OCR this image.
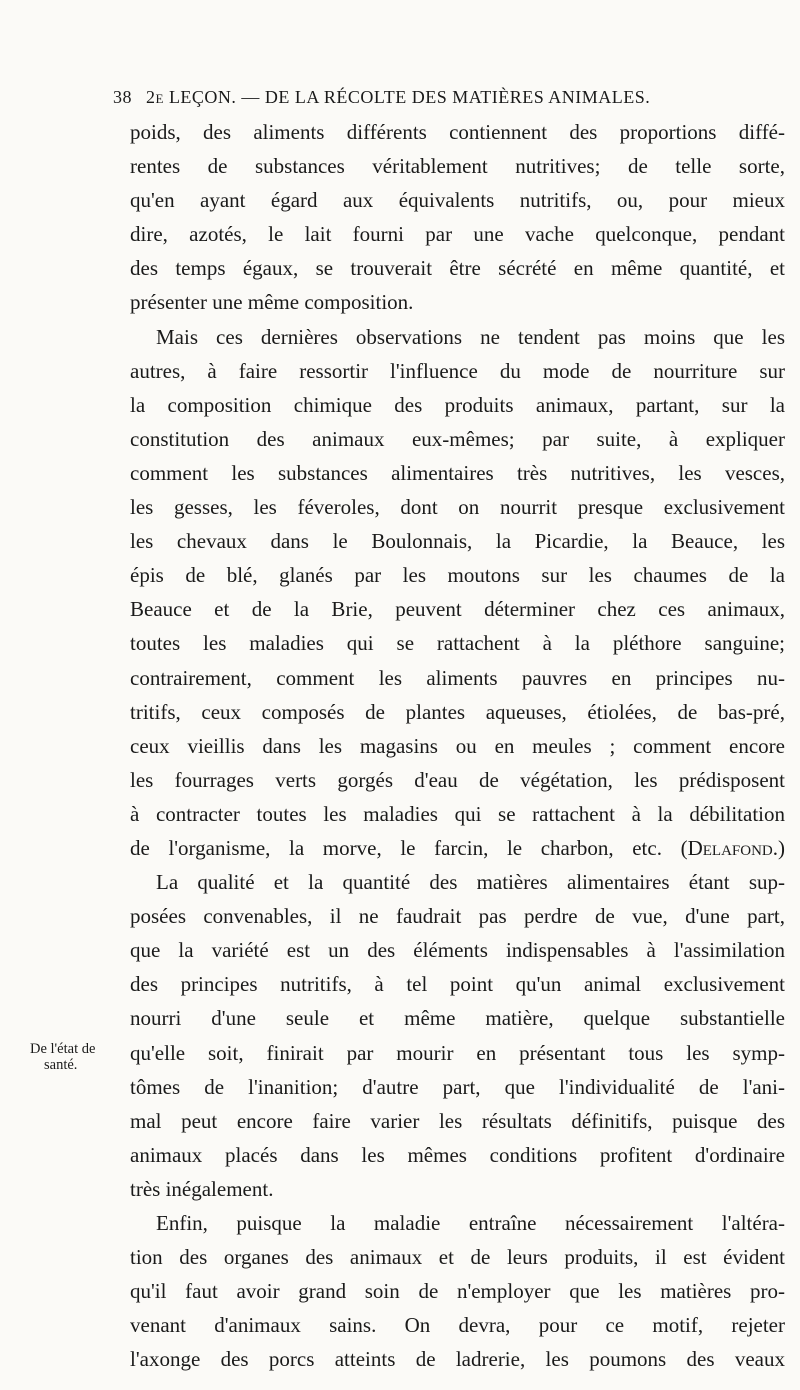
38 2e LEÇON. — DE LA RÉCOLTE DES MATIÈRES ANIMALES.
De l'état de
santé.
poids, des aliments différents contiennent des proportions diffé-
rentes de substances véritablement nutritives; de telle sorte,
qu'en ayant égard aux équivalents nutritifs, ou, pour mieux
dire, azotés, le lait fourni par une vache quelconque, pendant
des temps égaux, se trouverait être sécrété en même quantité, et
présenter une même composition.
Mais ces dernières observations ne tendent pas moins que les
autres, à faire ressortir l'influence du mode de nourriture sur
la composition chimique des produits animaux, partant, sur la
constitution des animaux eux-mêmes; par suite, à expliquer
comment les substances alimentaires très nutritives, les vesces,
les gesses, les féveroles, dont on nourrit presque exclusivement
les chevaux dans le Boulonnais, la Picardie, la Beauce, les
épis de blé, glanés par les moutons sur les chaumes de la
Beauce et de la Brie, peuvent déterminer chez ces animaux,
toutes les maladies qui se rattachent à la pléthore sanguine;
contrairement, comment les aliments pauvres en principes nu-
tritifs, ceux composés de plantes aqueuses, étiolées, de bas-pré,
ceux vieillis dans les magasins ou en meules ; comment encore
les fourrages verts gorgés d'eau de végétation, les prédisposent
à contracter toutes les maladies qui se rattachent à la débilitation
de l'organisme, la morve, le farcin, le charbon, etc. (Delafond.)
La qualité et la quantité des matières alimentaires étant sup-
posées convenables, il ne faudrait pas perdre de vue, d'une part,
que la variété est un des éléments indispensables à l'assimilation
des principes nutritifs, à tel point qu'un animal exclusivement
nourri d'une seule et même matière, quelque substantielle
qu'elle soit, finirait par mourir en présentant tous les symp-
tômes de l'inanition; d'autre part, que l'individualité de l'ani-
mal peut encore faire varier les résultats définitifs, puisque des
animaux placés dans les mêmes conditions profitent d'ordinaire
très inégalement.
Enfin, puisque la maladie entraîne nécessairement l'altéra-
tion des organes des animaux et de leurs produits, il est évident
qu'il faut avoir grand soin de n'employer que les matières pro-
venant d'animaux sains. On devra, pour ce motif, rejeter
l'axonge des porcs atteints de ladrerie, les poumons des veaux
